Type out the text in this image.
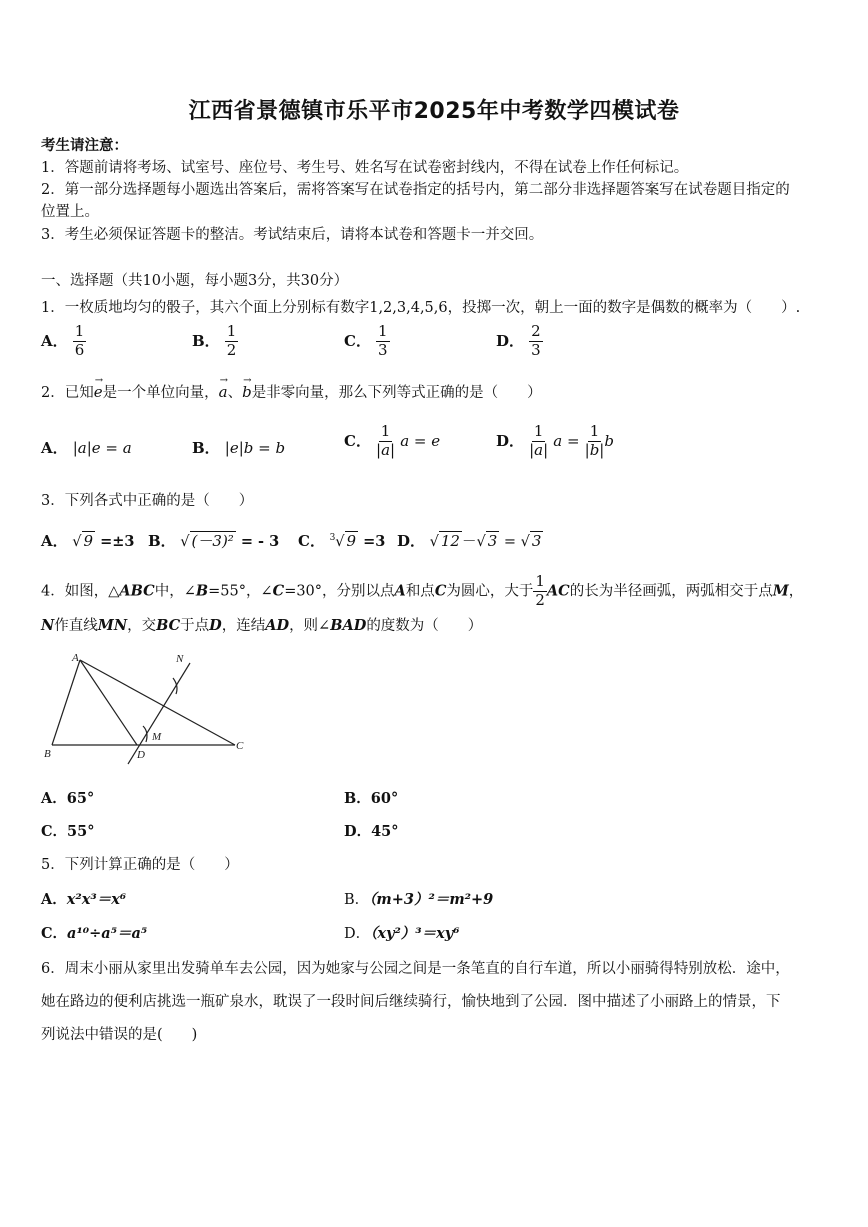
江西省景德镇市乐平市2025年中考数学四模试卷
考生请注意：
1．答题前请将考场、试室号、座位号、考生号、姓名写在试卷密封线内，不得在试卷上作任何标记。
2．第一部分选择题每小题选出答案后，需将答案写在试卷指定的括号内，第二部分非选择题答案写在试卷题目指定的
位置上。
3．考生必须保证答题卡的整洁。考试结束后，请将本试卷和答题卡一并交回。
一、选择题（共10小题，每小题3分，共30分）
1．一枚质地均匀的骰子，其六个面上分别标有数字1,2,3,4,5,6，投掷一次，朝上一面的数字是偶数的概率为（　　）.
A． $\frac{1}{6}$	B． $\frac{1}{2}$	C． $\frac{1}{3}$	D． $\frac{2}{3}$
2．已知
→
e是一个单位向量，
→
a、
→
b是非零向量，那么下列等式正确的是（　　）
A． |a|e = a	B． |e|b = b	C． $\frac{1}{|a|}$ a = e	D． $\frac{1}{|a|}$ $a = \frac{1}{|b|}$ b
3．下列各式中正确的是（　　）
A． √ 9 =±3 B． √ (－3)² = - 3 C． $^3$√ 9 =3 D． √ 12 －√ 3 = √ 3
4．如图，△ABC中，∠B=55°，∠C=30°，分别以点A和点C为圆心，大于 $\frac{1}{2}$ AC的长为半径画弧，两弧相交于点M，
N作直线MN，交BC于点D，连结AD，则∠BAD的度数为（　　）
A
B
C
D
M
N
A．65°	B．60°
C．55°	D．45°
5．下列计算正确的是（　　）
A．x²x³＝x⁶	B．（m+3）²＝m²+9
C．a¹⁰÷a⁵＝a⁵	D．（xy²）³＝xy⁶
6．周末小丽从家里出发骑单车去公园，因为她家与公园之间是一条笔直的自行车道，所以小丽骑得特别放松．途中，
她在路边的便利店挑选一瓶矿泉水，耽误了一段时间后继续骑行，愉快地到了公园．图中描述了小丽路上的情景，下
列说法中错误的是(　　)
